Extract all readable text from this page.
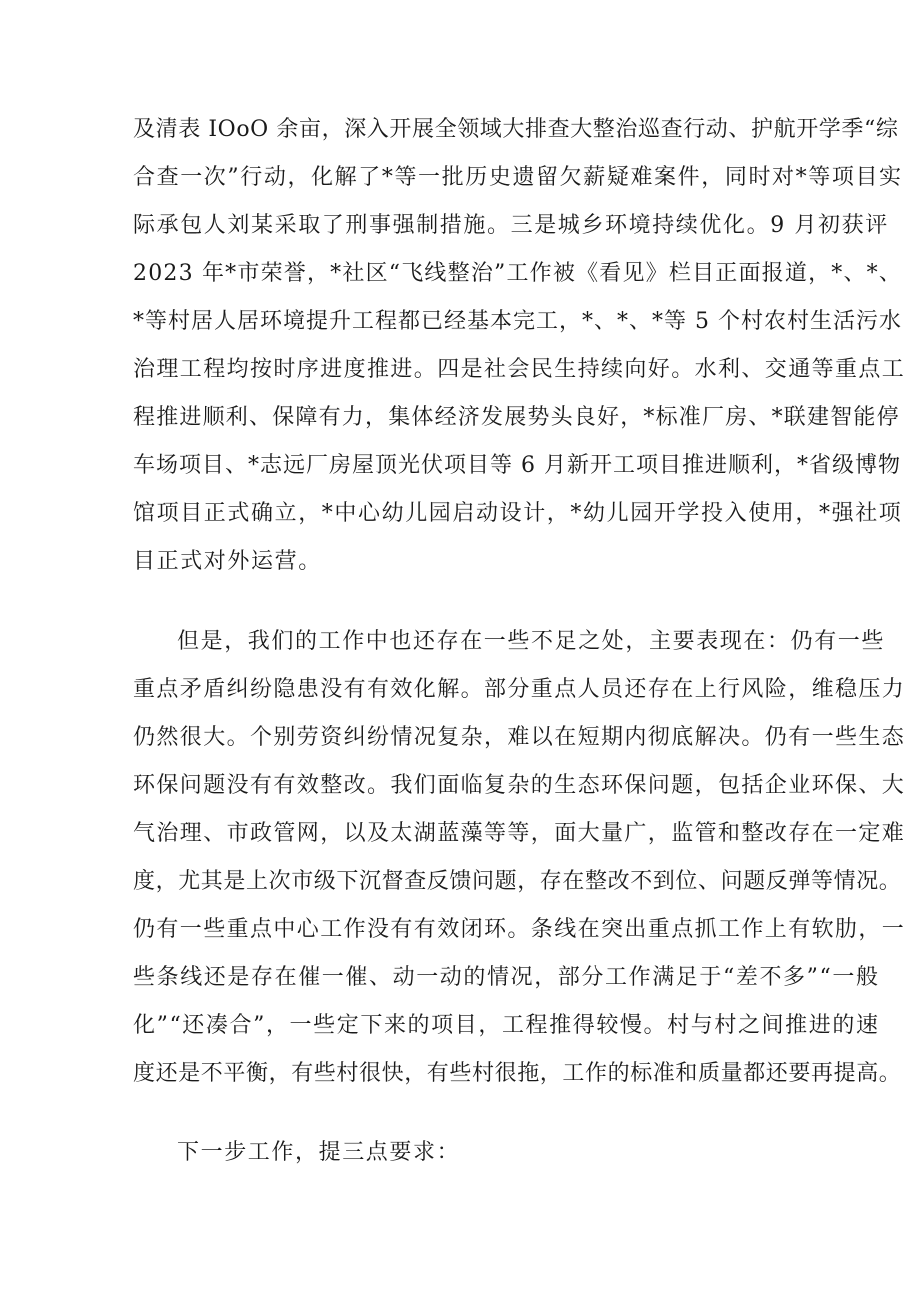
及清表 IOoO 余亩，深入开展全领域大排查大整治巡查行动、护航开学季“综
合查一次”行动，化解了*等一批历史遗留欠薪疑难案件，同时对*等项目实
际承包人刘某采取了刑事强制措施。三是城乡环境持续优化。9 月初获评
2023 年*市荣誉，*社区“飞线整治”工作被《看见》栏目正面报道，*、*、
*等村居人居环境提升工程都已经基本完工，*、*、*等 5 个村农村生活污水
治理工程均按时序进度推进。四是社会民生持续向好。水利、交通等重点工
程推进顺利、保障有力，集体经济发展势头良好，*标准厂房、*联建智能停
车场项目、*志远厂房屋顶光伏项目等 6 月新开工项目推进顺利，*省级博物
馆项目正式确立，*中心幼儿园启动设计，*幼儿园开学投入使用，*强社项
目正式对外运营。
但是，我们的工作中也还存在一些不足之处，主要表现在：仍有一些
重点矛盾纠纷隐患没有有效化解。部分重点人员还存在上行风险，维稳压力
仍然很大。个别劳资纠纷情况复杂，难以在短期内彻底解决。仍有一些生态
环保问题没有有效整改。我们面临复杂的生态环保问题，包括企业环保、大
气治理、市政管网，以及太湖蓝藻等等，面大量广，监管和整改存在一定难
度，尤其是上次市级下沉督查反馈问题，存在整改不到位、问题反弹等情况。
仍有一些重点中心工作没有有效闭环。条线在突出重点抓工作上有软肋，一
些条线还是存在催一催、动一动的情况，部分工作满足于“差不多”“一般
化”“还凑合”，一些定下来的项目，工程推得较慢。村与村之间推进的速
度还是不平衡，有些村很快，有些村很拖，工作的标准和质量都还要再提高。
下一步工作，提三点要求：
